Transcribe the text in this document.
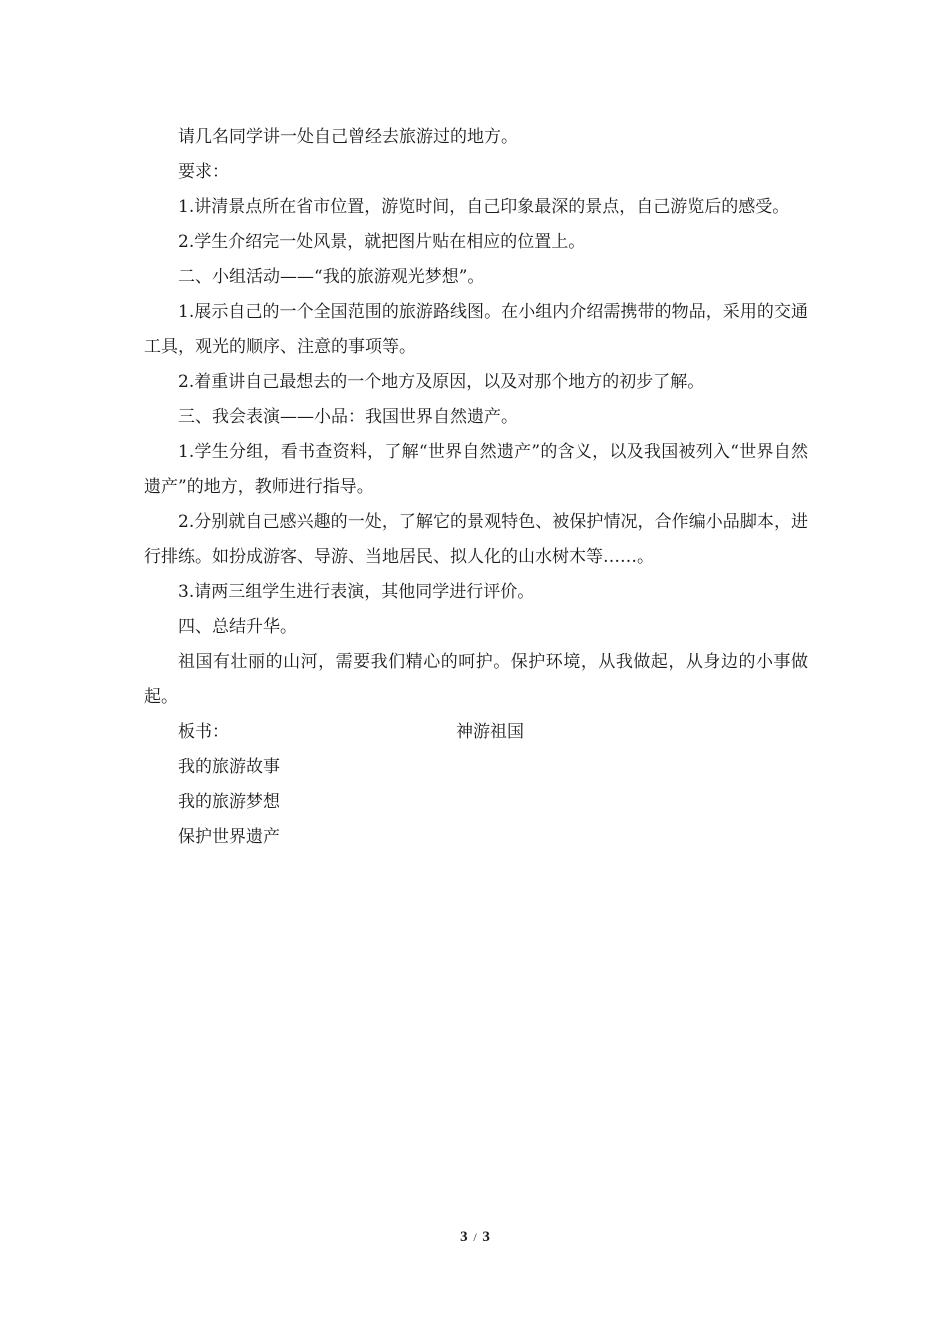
请几名同学讲一处自己曾经去旅游过的地方。

要求：

1.讲清景点所在省市位置，游览时间，自己印象最深的景点，自己游览后的感受。

2.学生介绍完一处风景，就把图片贴在相应的位置上。

二、小组活动——“我的旅游观光梦想”。

1.展示自己的一个全国范围的旅游路线图。在小组内介绍需携带的物品，采用的交通工具，观光的顺序、注意的事项等。

2.着重讲自己最想去的一个地方及原因，以及对那个地方的初步了解。

三、我会表演——小品：我国世界自然遗产。

1.学生分组，看书查资料，了解“世界自然遗产”的含义，以及我国被列入“世界自然遗产”的地方，教师进行指导。

2.分别就自己感兴趣的一处，了解它的景观特色、被保护情况，合作编小品脚本，进行排练。如扮成游客、导游、当地居民、拟人化的山水树木等……。

3.请两三组学生进行表演，其他同学进行评价。

四、总结升华。

祖国有壮丽的山河，需要我们精心的呵护。保护环境，从我做起，从身边的小事做起。

板书：	神游祖国
我的旅游故事
我的旅游梦想
保护世界遗产
3 / 3
